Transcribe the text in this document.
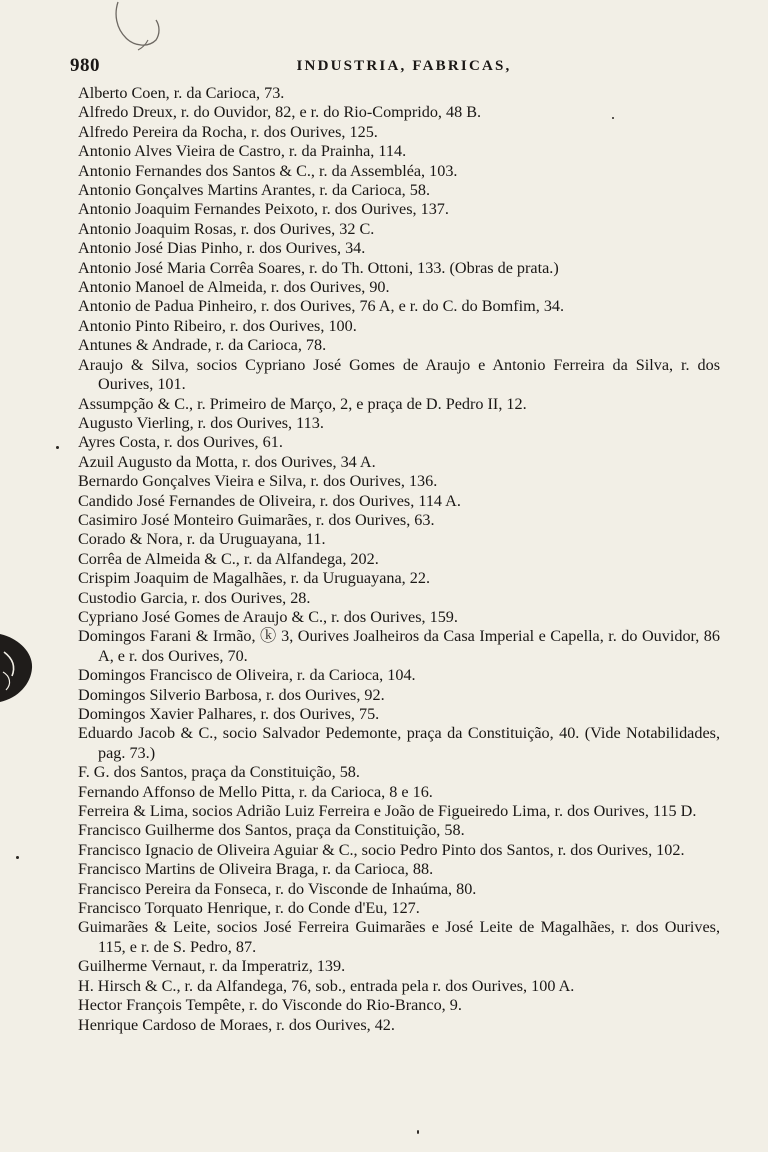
980	INDUSTRIA, FABRICAS,
Alberto Coen, r. da Carioca, 73.
Alfredo Dreux, r. do Ouvidor, 82, e r. do Rio-Comprido, 48 B.
Alfredo Pereira da Rocha, r. dos Ourives, 125.
Antonio Alves Vieira de Castro, r. da Prainha, 114.
Antonio Fernandes dos Santos & C., r. da Assembléa, 103.
Antonio Gonçalves Martins Arantes, r. da Carioca, 58.
Antonio Joaquim Fernandes Peixoto, r. dos Ourives, 137.
Antonio Joaquim Rosas, r. dos Ourives, 32 C.
Antonio José Dias Pinho, r. dos Ourives, 34.
Antonio José Maria Corrêa Soares, r. do Th. Ottoni, 133. (Obras de prata.)
Antonio Manoel de Almeida, r. dos Ourives, 90.
Antonio de Padua Pinheiro, r. dos Ourives, 76 A, e r. do C. do Bomfim, 34.
Antonio Pinto Ribeiro, r. dos Ourives, 100.
Antunes & Andrade, r. da Carioca, 78.
Araujo & Silva, socios Cypriano José Gomes de Araujo e Antonio Ferreira da Silva, r. dos Ourives, 101.
Assumpção & C., r. Primeiro de Março, 2, e praça de D. Pedro II, 12.
Augusto Vierling, r. dos Ourives, 113.
Ayres Costa, r. dos Ourives, 61.
Azuil Augusto da Motta, r. dos Ourives, 34 A.
Bernardo Gonçalves Vieira e Silva, r. dos Ourives, 136.
Candido José Fernandes de Oliveira, r. dos Ourives, 114 A.
Casimiro José Monteiro Guimarães, r. dos Ourives, 63.
Corado & Nora, r. da Uruguayana, 11.
Corrêa de Almeida & C., r. da Alfandega, 202.
Crispim Joaquim de Magalhães, r. da Uruguayana, 22.
Custodio Garcia, r. dos Ourives, 28.
Cypriano José Gomes de Araujo & C., r. dos Ourives, 159.
Domingos Farani & Irmão, ⓚ 3, Ourives Joalheiros da Casa Imperial e Capella, r. do Ouvidor, 86 A, e r. dos Ourives, 70.
Domingos Francisco de Oliveira, r. da Carioca, 104.
Domingos Silverio Barbosa, r. dos Ourives, 92.
Domingos Xavier Palhares, r. dos Ourives, 75.
Eduardo Jacob & C., socio Salvador Pedemonte, praça da Constituição, 40. (Vide Notabilidades, pag. 73.)
F. G. dos Santos, praça da Constituição, 58.
Fernando Affonso de Mello Pitta, r. da Carioca, 8 e 16.
Ferreira & Lima, socios Adrião Luiz Ferreira e João de Figueiredo Lima, r. dos Ourives, 115 D.
Francisco Guilherme dos Santos, praça da Constituição, 58.
Francisco Ignacio de Oliveira Aguiar & C., socio Pedro Pinto dos Santos, r. dos Ourives, 102.
Francisco Martins de Oliveira Braga, r. da Carioca, 88.
Francisco Pereira da Fonseca, r. do Visconde de Inhaúma, 80.
Francisco Torquato Henrique, r. do Conde d'Eu, 127.
Guimarães & Leite, socios José Ferreira Guimarães e José Leite de Magalhães, r. dos Ourives, 115, e r. de S. Pedro, 87.
Guilherme Vernaut, r. da Imperatriz, 139.
H. Hirsch & C., r. da Alfandega, 76, sob., entrada pela r. dos Ourives, 100 A.
Hector François Tempête, r. do Visconde do Rio-Branco, 9.
Henrique Cardoso de Moraes, r. dos Ourives, 42.
